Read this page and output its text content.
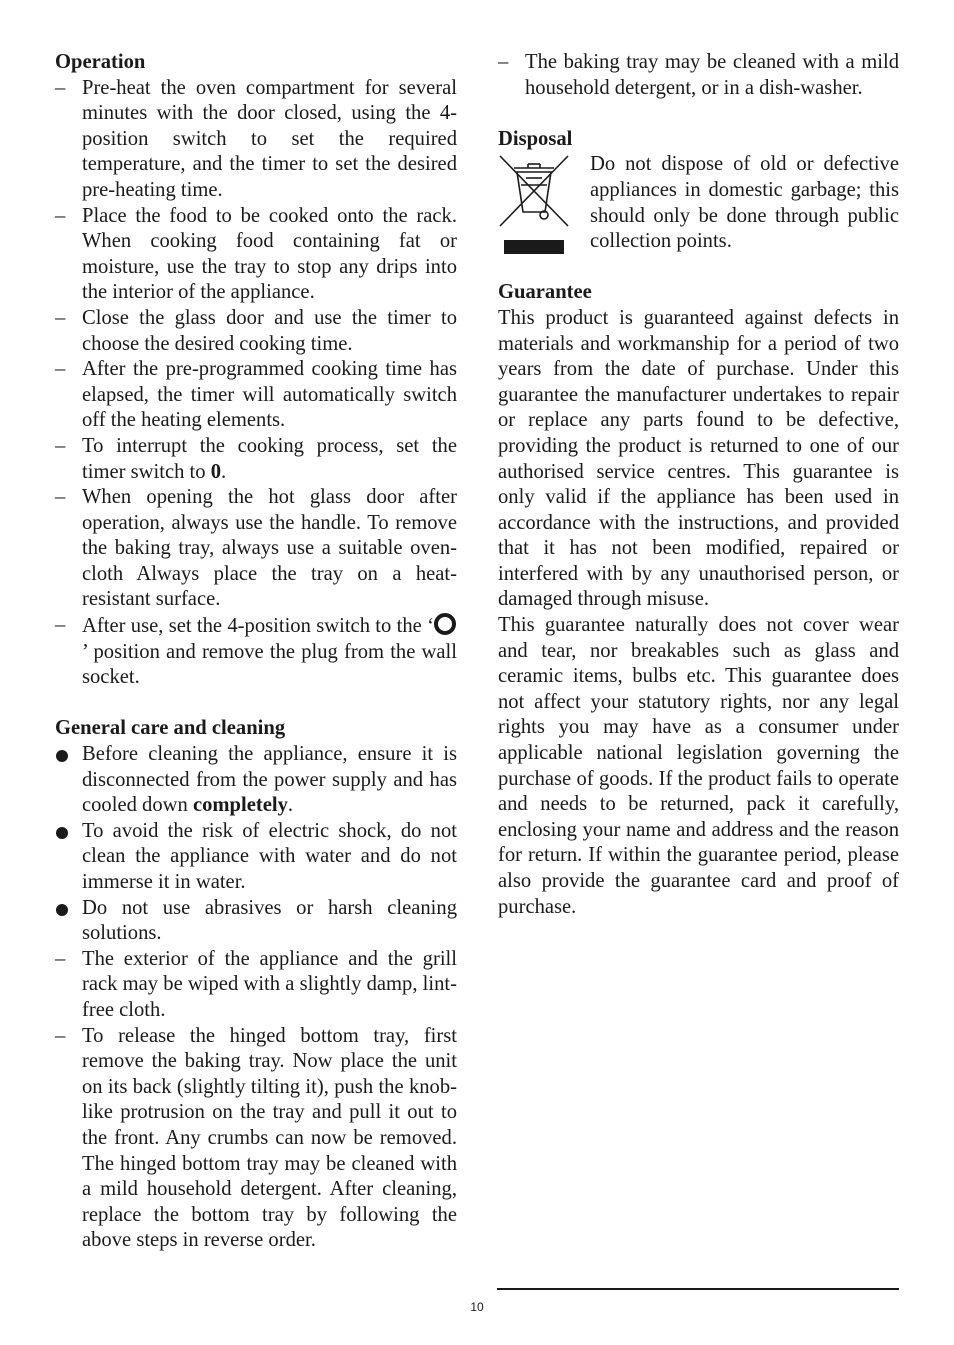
Operation
– Pre-heat the oven compartment for several minutes with the door closed, using the 4-position switch to set the required temperature, and the timer to set the desired pre-heating time.
– Place the food to be cooked onto the rack. When cooking food containing fat or moisture, use the tray to stop any drips into the interior of the appliance.
– Close the glass door and use the timer to choose the desired cooking time.
– After the pre-programmed cooking time has elapsed, the timer will automatically switch off the heating elements.
– To interrupt the cooking process, set the timer switch to 0.
– When opening the hot glass door after operation, always use the handle. To remove the baking tray, always use a suitable oven-cloth Always place the tray on a heat-resistant surface.
– After use, set the 4-position switch to the ‘’ position and remove the plug from the wall socket.
General care and cleaning
Before cleaning the appliance, ensure it is disconnected from the power supply and has cooled down completely.
To avoid the risk of electric shock, do not clean the appliance with water and do not immerse it in water.
Do not use abrasives or harsh cleaning solutions.
– The exterior of the appliance and the grill rack may be wiped with a slightly damp, lint-free cloth.
– To release the hinged bottom tray, first remove the baking tray. Now place the unit on its back (slightly tilting it), push the knob-like protrusion on the tray and pull it out to the front. Any crumbs can now be removed. The hinged bottom tray may be cleaned with a mild household detergent. After cleaning, replace the bottom tray by following the above steps in reverse order.
– The baking tray may be cleaned with a mild household detergent, or in a dish-washer.
Disposal

Do not dispose of old or defective appliances in domestic garbage; this should only be done through public collection points.

Guarantee

This product is guaranteed against defects in materials and workmanship for a period of two years from the date of purchase. Under this guarantee the manufacturer undertakes to repair or replace any parts found to be defective, providing the product is returned to one of our authorised service centres. This guarantee is only valid if the appliance has been used in accordance with the instructions, and provided that it has not been modified, repaired or interfered with by any unauthorised person, or damaged through misuse.

This guarantee naturally does not cover wear and tear, nor breakables such as glass and ceramic items, bulbs etc. This guarantee does not affect your statutory rights, nor any legal rights you may have as a consumer under applicable national legislation governing the purchase of goods. If the product fails to operate and needs to be returned, pack it carefully, enclosing your name and address and the reason for return. If within the guarantee period, please also provide the guarantee card and proof of purchase.

10
